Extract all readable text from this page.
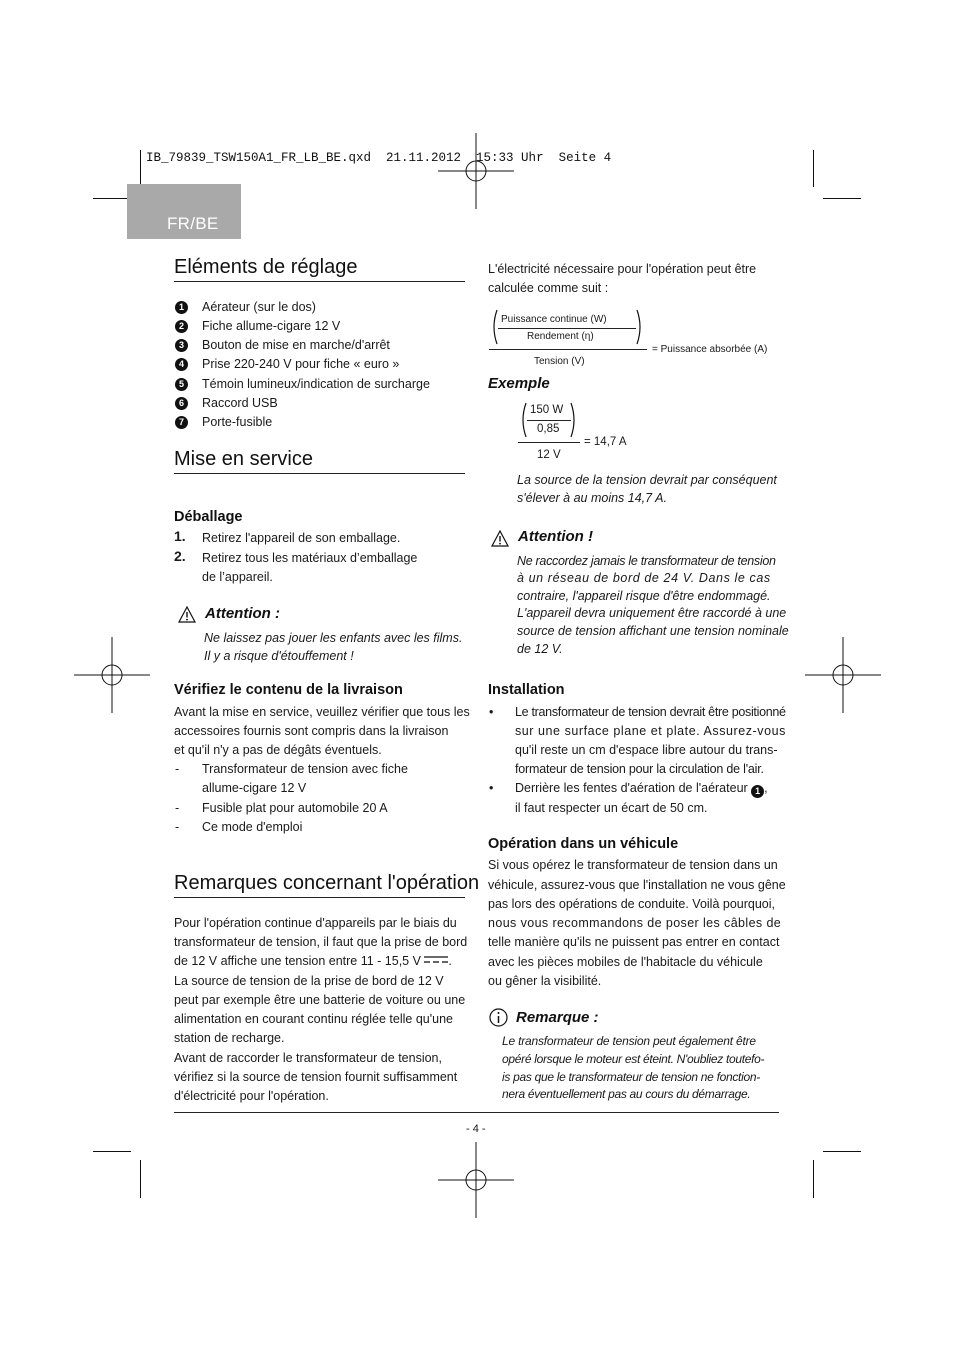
IB_79839_TSW150A1_FR_LB_BE.qxd  21.11.2012  15:33 Uhr  Seite 4
FR/BE
Eléments de réglage
1 Aérateur (sur le dos)
2 Fiche allume-cigare 12 V
3 Bouton de mise en marche/d'arrêt
4 Prise 220-240 V pour fiche « euro »
5 Témoin lumineux/indication de surcharge
6 Raccord USB
7 Porte-fusible
Mise en service
Déballage
1. Retirez l'appareil de son emballage.
2. Retirez tous les matériaux d’emballage
de l’appareil.
Attention :
Ne laissez pas jouer les enfants avec les films.
Il y a risque d'étouffement !
Vérifiez le contenu de la livraison
Avant la mise en service, veuillez vérifier que tous les
accessoires fournis sont compris dans la livraison
et qu'il n'y a pas de dégâts éventuels.
- Transformateur de tension avec fiche
allume-cigare 12 V
- Fusible plat pour automobile 20 A
- Ce mode d'emploi
Remarques concernant l'opération
Pour l'opération continue d'appareils par le biais du
transformateur de tension, il faut que la prise de bord
de 12 V affiche une tension entre 11 - 15,5 V .
La source de tension de la prise de bord de 12 V
peut par exemple être une batterie de voiture ou une
alimentation en courant continu réglée telle qu'une
station de recharge.
Avant de raccorder le transformateur de tension,
vérifiez si la source de tension fournit suffisamment
d'électricité pour l'opération.
L'électricité nécessaire pour l'opération peut être
calculée comme suit :
Puissance continue (W)
Rendement (η)
Tension (V)
= Puissance absorbée (A)
Exemple
150 W
0,85
12 V
= 14,7 A
La source de la tension devrait par conséquent
s'élever à au moins 14,7 A.
Attention !
Ne raccordez jamais le transformateur de tension
à un réseau de bord de 24 V. Dans le cas
contraire, l'appareil risque d'être endommagé.
L'appareil devra uniquement être raccordé à une
source de tension affichant une tension nominale
de 12 V.
Installation
• Le transformateur de tension devrait être positionné
sur une surface plane et plate. Assurez-vous
qu'il reste un cm d'espace libre autour du trans-
formateur de tension pour la circulation de l'air.
• Derrière les fentes d'aération de l'aérateur 1 ,
il faut respecter un écart de 50 cm.
Opération dans un véhicule
Si vous opérez le transformateur de tension dans un
véhicule, assurez-vous que l'installation ne vous gêne
pas lors des opérations de conduite. Voilà pourquoi,
nous vous recommandons de poser les câbles de
telle manière qu'ils ne puissent pas entrer en contact
avec les pièces mobiles de l'habitacle du véhicule
ou gêner la visibilité.
Remarque :
Le transformateur de tension peut également être
opéré lorsque le moteur est éteint. N'oubliez toutefo-
is pas que le transformateur de tension ne fonction-
nera éventuellement pas au cours du démarrage.
- 4 -
